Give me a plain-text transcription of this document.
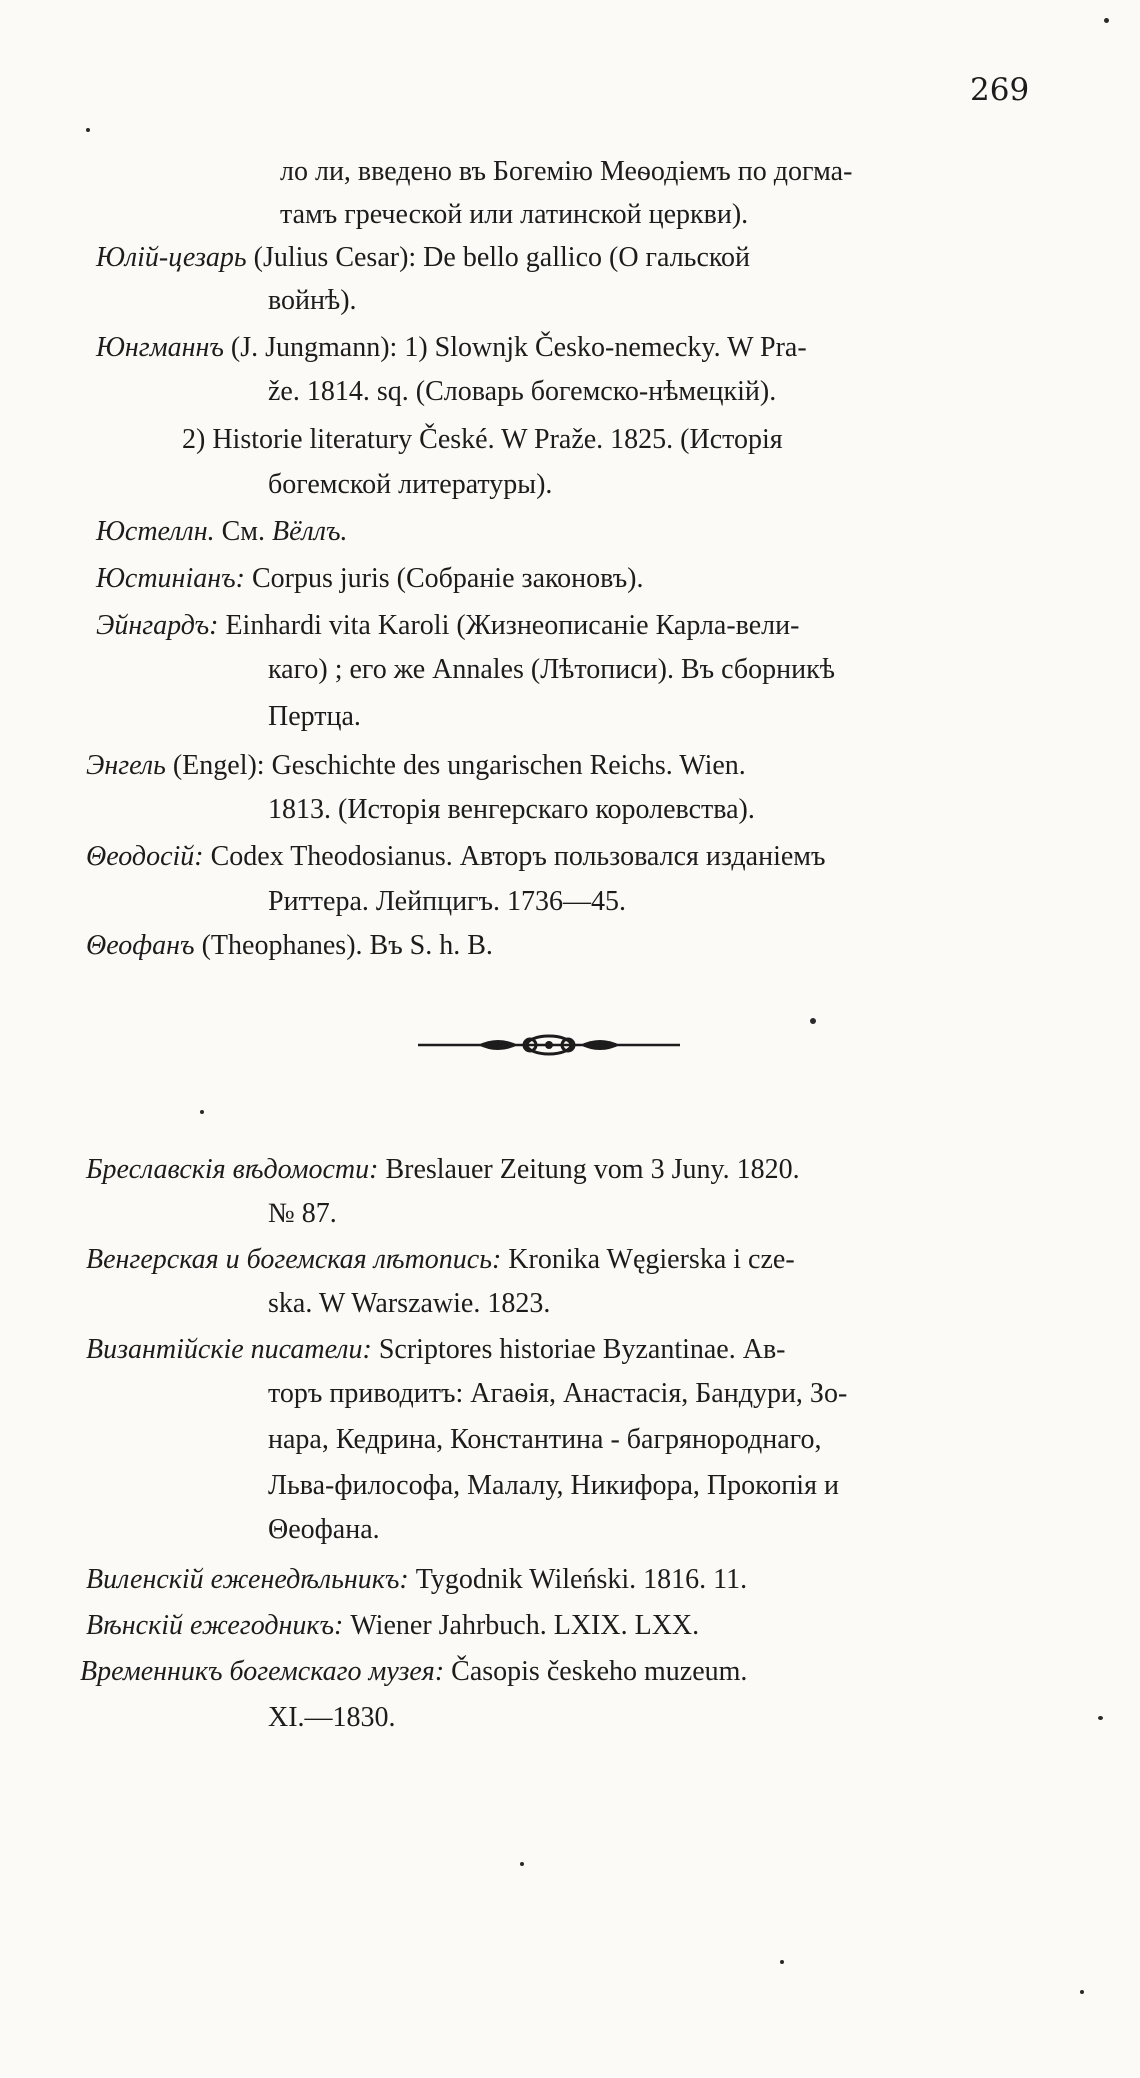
269
ло ли, введено въ Богемію Меѳодіемъ по догма-
тамъ греческой или латинской церкви).
Юлій-цезарь (Julius Cesar): De bello gallico (О гальской
войнѣ).
Юнгманнъ (J. Jungmann): 1) Slownjk Česko-nemecky. W Pra-
že. 1814. sq. (Словарь богемско-нѣмецкій).
2) Historie literatury České. W Praže. 1825. (Исторія
богемской литературы).
Юстеллн. См. Вёллъ.
Юстиніанъ: Corpus juris (Собраніе законовъ).
Эйнгардъ: Einhardi vita Karoli (Жизнеописаніе Карла-вели-
каго) ; его же Annales (Лѣтописи). Въ сборникѣ
Пертца.
Энгель (Engel): Geschichte des ungarischen Reichs. Wien.
1813. (Исторія венгерскаго королевства).
Θеодосій: Codex Theodosianus. Авторъ пользовался изданіемъ
Риттера. Лейпцигъ. 1736—45.
Θеофанъ (Theophanes). Въ S. h. B.
Бреславскія вѣдомости: Breslauer Zeitung vom 3 Juny. 1820.
№ 87.
Венгерская и богемская лѣтопись: Kronika Węgierska i cze-
ska. W Warszawie. 1823.
Византійскіе писатели: Scriptores historiae Byzantinae. Ав-
торъ приводитъ: Агаѳія, Анастасія, Бандури, Зо-
нара, Кедрина, Константина - багрянороднаго,
Льва-философа, Малалу, Никифора, Прокопія и
Θеофана.
Виленскій еженедѣльникъ: Tygodnik Wileński. 1816. 11.
Вѣнскій ежегодникъ: Wiener Jahrbuch. LXIX. LXX.
Временникъ богемскаго музея: Časopis českeho muzeum.
XI.—1830.
